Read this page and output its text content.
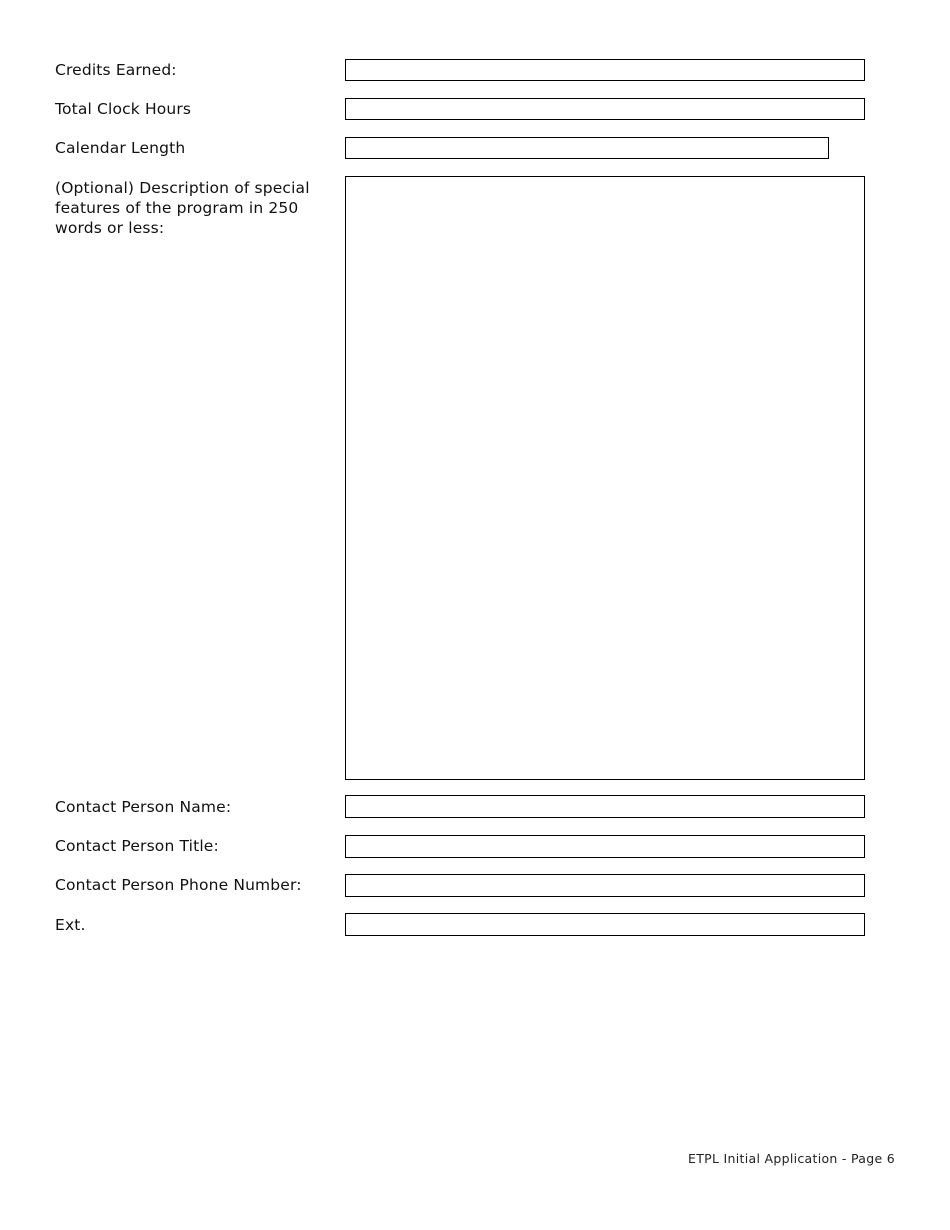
Credits Earned:
Total Clock Hours
Calendar Length
(Optional) Description of special
features of the program in 250
words or less:
Contact Person Name:
Contact Person Title:
Contact Person Phone Number:
Ext.
ETPL Initial Application - Page 6
